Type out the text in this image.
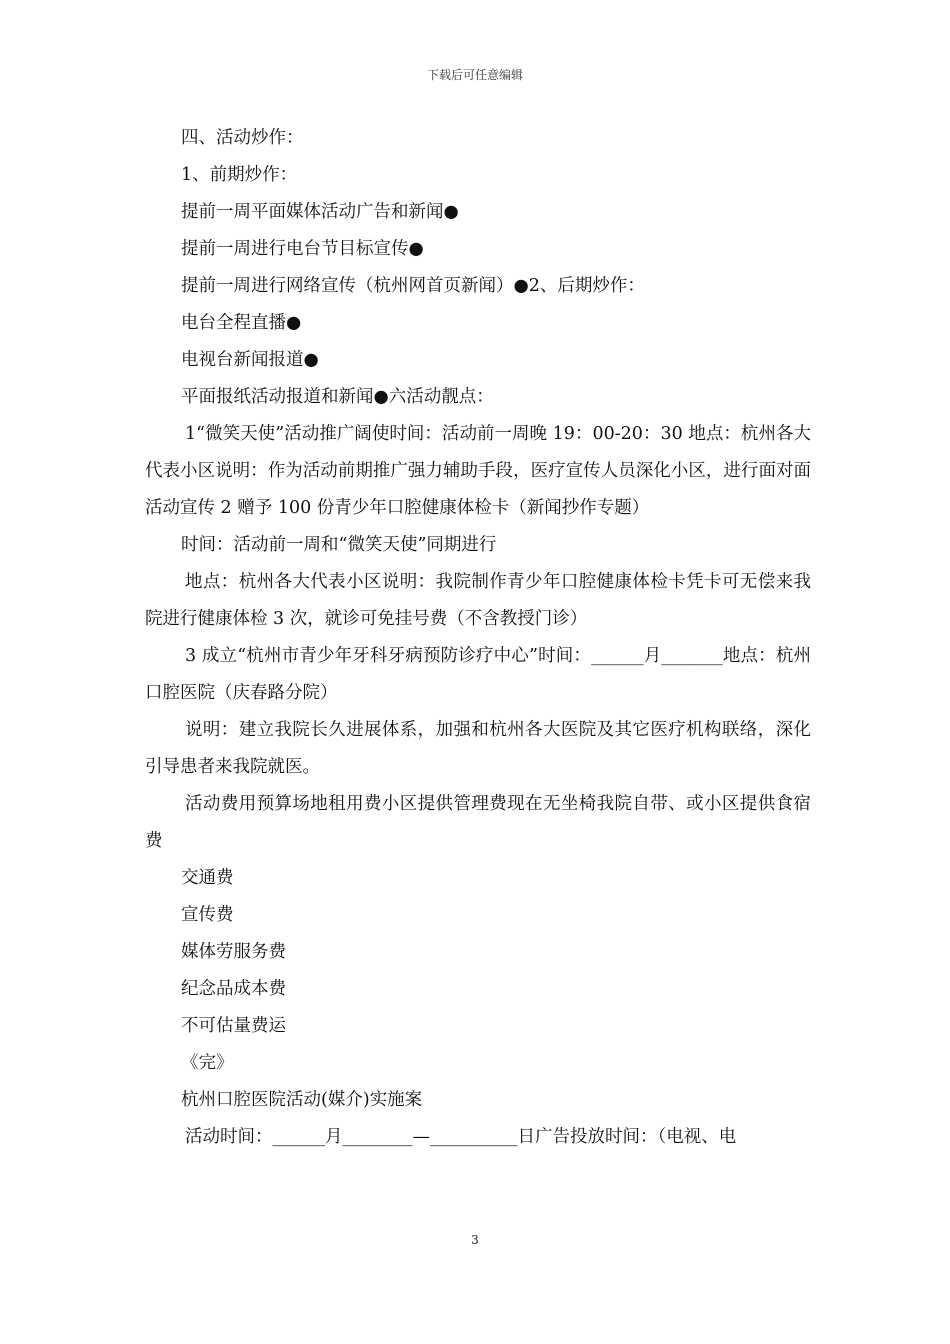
下载后可任意编辑

四、活动炒作：

1、前期炒作：

提前一周平面媒体活动广告和新闻●

提前一周进行电台节目标宣传●

提前一周进行网络宣传（杭州网首页新闻）●2、后期炒作：

电台全程直播●

电视台新闻报道●

平面报纸活动报道和新闻●六活动靓点：

1“微笑天使”活动推广阔使时间：活动前一周晚 19：00-20：30 地点：杭州各大代表小区说明：作为活动前期推广强力辅助手段，医疗宣传人员深化小区，进行面对面活动宣传 2 赠予 100 份青少年口腔健康体检卡（新闻抄作专题）

时间：活动前一周和“微笑天使”同期进行

地点：杭州各大代表小区说明：我院制作青少年口腔健康体检卡凭卡可无偿来我院进行健康体检 3 次，就诊可免挂号费（不含教授门诊）

3 成立“杭州市青少年牙科牙病预防诊疗中心”时间：______月_______地点：杭州口腔医院（庆春路分院）

说明：建立我院长久进展体系，加强和杭州各大医院及其它医疗机构联络，深化引导患者来我院就医。

活动费用预算场地租用费小区提供管理费现在无坐椅我院自带、或小区提供食宿费

交通费

宣传费

媒体劳服务费

纪念品成本费

不可估量费运

《完》

杭州口腔医院活动(媒介)实施案

活动时间：______月________—__________日广告投放时间：（电视、电

3
